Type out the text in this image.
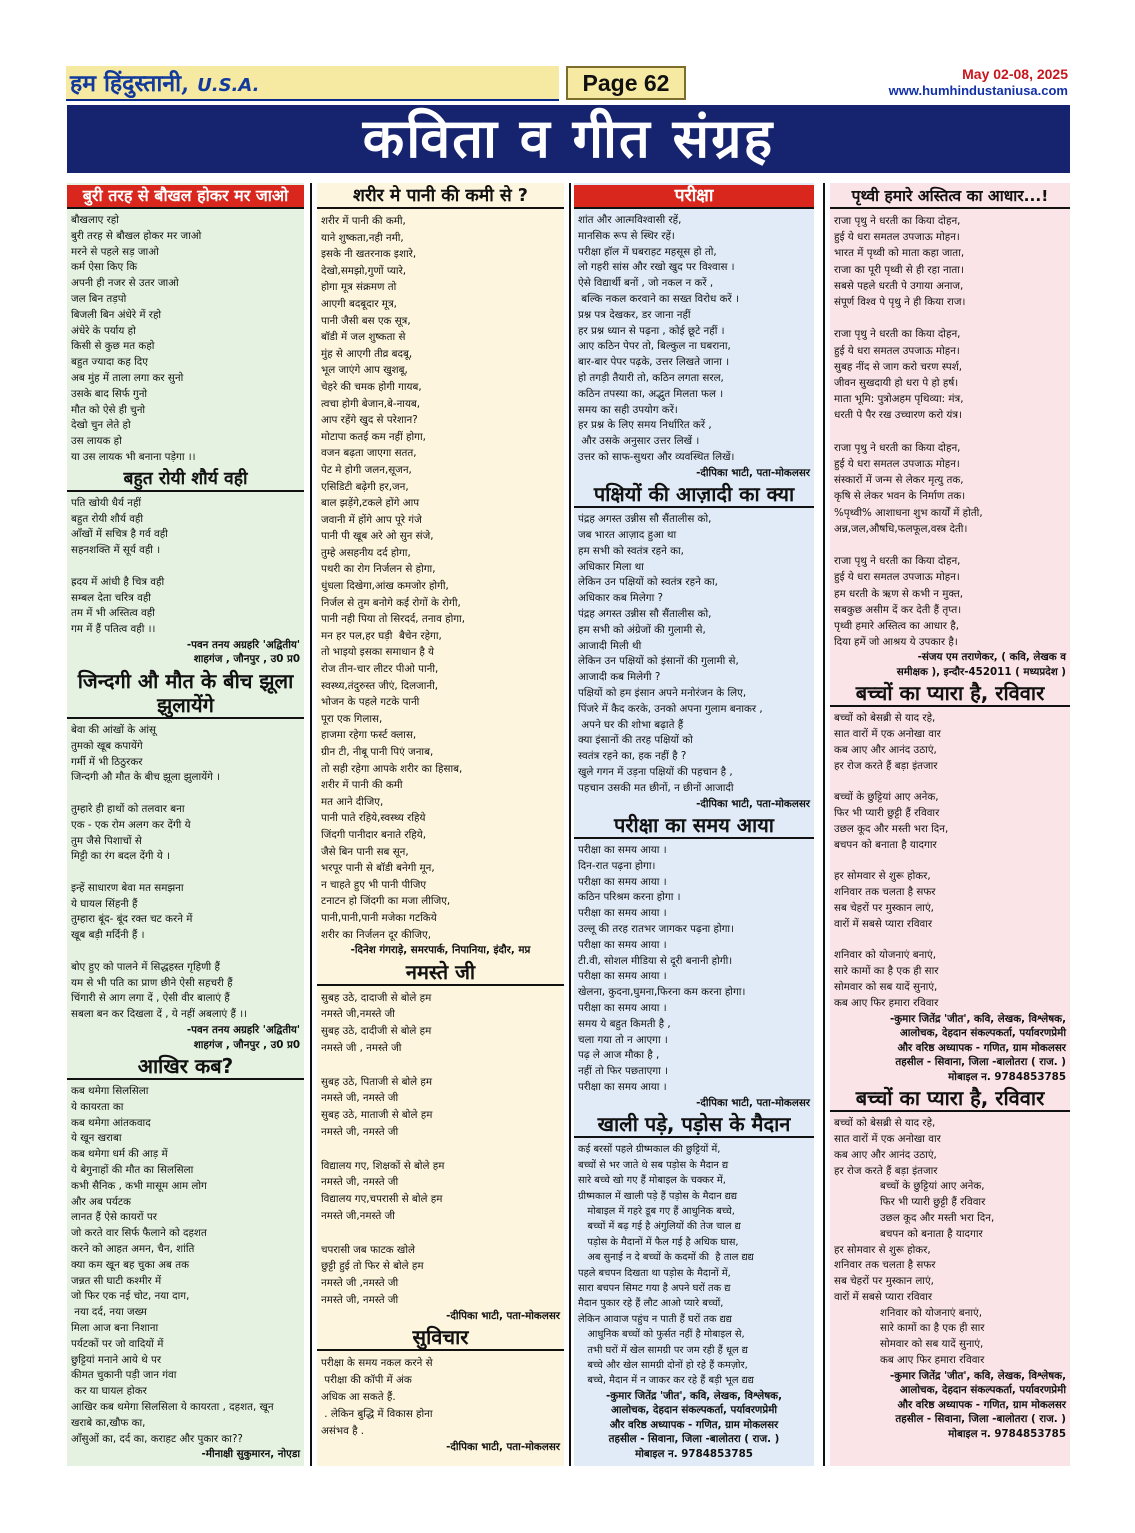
हम हिंदुस्तानी, U.S.A.	Page 62	May 02-08, 2025
www.humhindustaniusa.com
कविता व गीत संग्रह
बुरी तरह से बौखल होकर मर जाओ
बौखलाए रहो
बुरी तरह से बौखल होकर मर जाओ
मरने से पहले सड़ जाओ
कर्म ऐसा किए कि
अपनी ही नजर से उतर जाओ
जल बिन तड़पो
बिजली बिन अंधेरे में रहो
अंधेरे के पर्याय हो
किसी से कुछ मत कहो
बहुत ज्यादा कह दिए
अब मुंह में ताला लगा कर सुनो
उसके बाद सिर्फ गुनो
मौत को ऐसे ही चुनो
देखो चुन लेते हो
उस लायक हो
या उस लायक भी बनाना पड़ेगा ।।
बहुत रोयी शौर्य वही
पति खोयी धैर्य नहीं
बहुत रोयी शौर्य वही
आँखों में सचित्र है गर्व वही
सहनशक्ति में सूर्य वही ।

ह्रदय में आंधी है चित्र वही
सम्बल देता चरित्र वही
तम में भी अस्तित्व वही
गम में हैं पतित्व वही ।।
-पवन तनय अग्रहरि 'अद्वितीय'
शाहगंज , जौनपुर , उ0 प्र0
जिन्दगी औ मौत के बीच झूला झुलायेंगे
बेवा की आंखों के आंसू
तुमको खूब कपायेंगे
गर्मी में भी ठिठुरकर
जिन्दगी औ मौत के बीच झूला झुलायेंगे ।

तुम्हारे ही हाथों को तलवार बना
एक - एक रोम अलग कर देंगी ये
तुम जैसे पिशाचों से
मिट्टी का रंग बदल देंगी ये ।

इन्हें साधारण बेवा मत समझना
ये घायल सिंहनी हैं
तुम्हारा बूंद- बूंद रक्त चट करने में
खूब बड़ी मर्दिनी हैं ।

बोए हुए को पालने में सिद्धहस्त गृहिणी हैं
यम से भी पति का प्राण छीने ऐसी सहचरी हैं
चिंगारी से आग लगा दें , ऐसी वीर बालाएं हैं
सबला बन कर दिखला दें , ये नहीं अबलाएं हैं ।।
-पवन तनय अग्रहरि 'अद्वितीय'
शाहगंज , जौनपुर , उ0 प्र0
आखिर कब?
कब थमेगा सिलसिला
ये कायरता का
कब थमेगा आंतकवाद
ये खून खराबा
कब थमेगा धर्म की आड़ में
ये बेगुनाहों की मौत का सिलसिला
कभी सैनिक , कभी मासूम आम लोग
और अब पर्यटक
लानत हैं ऐसे कायरों पर
जो करते वार सिर्फ फैलाने को दहशत
करने को आहत अमन, चैन, शांति
क्या कम खून बह चुका अब तक
जन्नत सी घाटी कश्मीर में
जो फिर एक नई चोट, नया दाग,
नया दर्द, नया जख्म
मिला आज बना निशाना
पर्यटकों पर जो वादियों में
छुट्टियां मनाने आये थे पर
कीमत चुकानी पड़ी जान गंवा
कर या घायल होकर
आखिर कब थमेगा सिलसिला ये कायरता , दहशत, खून
खराबे का,खौफ का,
आँसुओं का, दर्द का, कराहट और पुकार का??
-मीनाक्षी सुकुमारन, नोएडा
शरीर मे पानी की कमी से ?
शरीर में पानी की कमी,
याने शुष्कता,नही नमी,
इसके नी खतरनाक इशारे,
देखो,समझो,गुणों प्यारे,
होगा मूत्र संक्रमण तो
आएगी बदबूदार मूत्र,
पानी जैसी बस एक सूत्र,
बॉडी में जल शुष्कता से
मुंह से आएगी तीव्र बदबू,
भूल जाएंगे आप खुशबू,
चेहरे की चमक होगी गायब,
त्वचा होगी बेजान,बे-नायब,
आप रहेंगे खुद से परेशान?
मोटापा कतई कम नहीं होगा,
वजन बढ़ता जाएगा सतत,
पेट मे होगी जलन,सूजन,
एसिडिटी बढ़ेगी हर,जन,
बाल झड़ेंगे,टकले होंगे आप
जवानी में होंगे आप पूरे गंजे
पानी पी खूब अरे ओ सुन संजे,
तुम्हे असहनीय दर्द होगा,
पथरी का रोग निर्जलन से होगा,
धुंधला दिखेगा,आंख कमजोर होगी,
निर्जल से तुम बनोगे कई रोगों के रोगी,
पानी नही पिया तो सिरदर्द, तनाव होगा,
मन हर पल,हर घड़ी  बैचेन रहेगा,
तो भाइयो इसका समाधान है ये
रोज तीन-चार लीटर पीओ पानी,
स्वस्थ्य,तंदुरुस्त जीएं, दिलजानी,
भोजन के पहले गटके पानी
पूरा एक गिलास,
हाजमा रहेगा फर्स्ट क्लास,
ग्रीन टी, नीबू पानी पिएं जनाब,
तो सही रहेगा आपके शरीर का हिसाब,
शरीर में पानी की कमी
मत आने दीजिए,
पानी पाते रहिये,स्वस्थ्य रहिये
जिंदगी पानीदार बनाते रहिये,
जैसे बिन पानी सब सून,
भरपूर पानी से बॉडी बनेगी मून,
न चाहते हुए भी पानी पीजिए
टनाटन हो जिंदगी का मजा लीजिए,
पानी,पानी,पानी मजेका गटकिये
शरीर का निर्जलन दूर कीजिए,
-दिनेश गंगराड़े, समरपार्क, निपानिया, इंदौर, मप्र
नमस्ते जी
सुबह उठे, दादाजी से बोले हम
नमस्ते जी,नमस्ते जी
सुबह उठे, दादीजी से बोले हम
नमस्ते जी , नमस्ते जी

सुबह उठे, पिताजी से बोले हम
नमस्ते जी, नमस्ते जी
सुबह उठे, माताजी से बोले हम
नमस्ते जी, नमस्ते जी

विद्यालय गए, शिक्षकों से बोले हम
नमस्ते जी, नमस्ते जी
विद्यालय गए,चपरासी से बोले हम
नमस्ते जी,नमस्ते जी

चपरासी जब फाटक खोले
छुट्टी हुई तो फिर से बोले हम
नमस्ते जी ,नमस्ते जी
नमस्ते जी, नमस्ते जी
-दीपिका भाटी, पता-मोकलसर
सुविचार
परीक्षा के समय नकल करने से
परीक्षा की कॉपी में अंक
अधिक आ सकते हैं.
. लेकिन बुद्धि में विकास होना
असंभव है .
-दीपिका भाटी, पता-मोकलसर
परीक्षा
शांत और आत्मविश्वासी रहें,
मानसिक रूप से स्थिर रहें।
परीक्षा हॉल में घबराहट महसूस हो तो,
लो गहरी सांस और रखो खुद पर विश्वास ।
ऐसे विद्यार्थी बनों , जो नकल न करें ,
बल्कि नकल करवाने का सख्त विरोध करें ।
प्रश्न पत्र देखकर, डर जाना नहीं
हर प्रश्न ध्यान से पढ़ना , कोई छूटे नहीं ।
आए कठिन पेपर तो, बिल्कुल ना घबराना,
बार-बार पेपर पढ़के, उत्तर लिखते जाना ।
हो तगड़ी तैयारी तो, कठिन लगता सरल,
कठिन तपस्या का, अद्भुत मिलता फल ।
समय का सही उपयोग करें।
हर प्रश्न के लिए समय निर्धारित करें ,
और उसके अनुसार उत्तर लिखें ।
उत्तर को साफ-सुथरा और व्यवस्थित लिखें।
-दीपिका भाटी, पता-मोकलसर
पक्षियों की आज़ादी का क्या
पंद्रह अगस्त उन्नीस सौ सैंतालीस को,
जब भारत आज़ाद हुआ था
हम सभी को स्वतंत्र रहने का,
अधिकार मिला था
लेकिन उन पक्षियों को स्वतंत्र रहने का,
अधिकार कब मिलेगा ?
पंद्रह अगस्त उन्नीस सौ सैंतालीस को,
हम सभी को अंग्रेजों की गुलामी से,
आजादी मिली थी
लेकिन उन पक्षियों को इंसानों की गुलामी से,
आजादी कब मिलेगी ?
पक्षियों को हम इंसान अपने मनोरंजन के लिए,
पिंजरे में कैद करके, उनको अपना गुलाम बनाकर ,
अपने घर की शोभा बढ़ाते हैं
क्या इंसानों की तरह पक्षियों को
स्वतंत्र रहने का, हक नहीं है ?
खुले गगन में उड़ना पक्षियों की पहचान है ,
पहचान उसकी मत छीनों, न छीनों आजादी
-दीपिका भाटी, पता-मोकलसर
परीक्षा का समय आया
परीक्षा का समय आया ।
दिन-रात पढ़ना होगा।
परीक्षा का समय आया ।
कठिन परिश्रम करना होगा ।
परीक्षा का समय आया ।
उल्लू की तरह रातभर जागकर पढ़ना होगा।
परीक्षा का समय आया ।
टी.वी, सोशल मीडिया से दूरी बनानी होगी।
परीक्षा का समय आया ।
खेलना, कुदना,घुमना,फिरना कम करना होगा।
परीक्षा का समय आया ।
समय ये बहुत किमती है ,
चला गया तो न आएगा ।
पढ़ ले आज मौका है ,
नहीं तो फिर पछताएगा ।
परीक्षा का समय आया ।
-दीपिका भाटी, पता-मोकलसर
खाली पड़े, पड़ोस के मैदान
कई बरसों पहले ग्रीष्मकाल की छुट्टियों में,
बच्चों से भर जाते थे सब पड़ोस के मैदान द्य
सारे बच्चे खो गए हैं मोबाइल के चक्कर में,
ग्रीष्मकाल में खाली पड़े हैं पड़ोस के मैदान द्यद्य
मोबाइल में गहरे डूब गए हैं आधुनिक बच्चे,
बच्चों में बढ़ गई है अंगुलियों की तेज चाल द्य
पड़ोस के मैदानों में फैल गई है अधिक घास,
अब सुनाई न दे बच्चों के कदमों की  है ताल द्यद्य
पहले बचपन दिखता था पड़ोस के मैदानों में,
सारा बचपन सिमट गया है अपने घरों तक द्य
मैदान पुकार रहे हैं लौट आओ प्यारे बच्चों,
लेकिन आवाज पहुंच न पाती हैं घरों तक द्यद्य
आधुनिक बच्चों को फुर्सत नहीं है मोबाइल से,
तभी घरों में खेल सामग्री पर जम रही हैं धूल द्य
बच्चे और खेल सामग्री दोनों हो रहे हैं कमज़ोर,
बच्चे, मैदान में न जाकर कर रहे हैं बड़ी भूल द्यद्य
-कुमार जितेंद्र 'जीत', कवि, लेखक, विश्लेषक,
आलोचक, देहदान संकल्पकर्ता, पर्यावरणप्रेमी
और वरिष्ठ अध्यापक - गणित, ग्राम मोकलसर
तहसील - सिवाना, जिला -बालोतरा ( राज. )
मोबाइल न. 9784853785
पृथ्वी हमारे अस्तित्व का आधार...!
राजा पृथु ने धरती का किया दोहन,
हुई ये धरा समतल उपजाऊ मोहन।
भारत में पृथ्वी को माता कहा जाता,
राजा का पूरी पृथ्वी से ही रहा नाता।
सबसे पहले धरती पे उगाया अनाज,
संपूर्ण विश्व पे पृथु ने ही किया राज।

राजा पृथु ने धरती का किया दोहन,
हुई ये धरा समतल उपजाऊ मोहन।
सुबह नींद से जाग करो चरण स्पर्श,
जीवन सुखदायी हो धरा पे हो हर्ष।
माता भूमि: पुत्रोअहम पृथिव्या: मंत्र,
धरती पे पैर रख उच्चारण करो यंत्र।

राजा पृथु ने धरती का किया दोहन,
हुई ये धरा समतल उपजाऊ मोहन।
संस्कारों में जन्म से लेकर मृत्यु तक,
कृषि से लेकर भवन के निर्माण तक।
%पृथ्वी% आशाधना शुभ कार्यों में होती,
अन्न,जल,औषधि,फलफूल,वस्त्र देती।

राजा पृथु ने धरती का किया दोहन,
हुई ये धरा समतल उपजाऊ मोहन।
हम धरती के ऋण से कभी न मुक्त,
सबकुछ असीम दें कर देती हैं तृप्त।
पृथ्वी हमारे अस्तित्व का आधार है,
दिया हमें जो आश्रय ये उपकार है।
-संजय एम तराणेकर, ( कवि, लेखक व
समीक्षक ), इन्दौर-452011 ( मध्यप्रदेश )
बच्चों का प्यारा है, रविवार
बच्चों को बेसब्री से याद रहे,
सात वारों में एक अनोखा वार
कब आए और आनंद उठाएं,
हर रोज करते हैं बड़ा इंतजार

बच्चों के छुट्टियां आए अनेक,
फिर भी प्यारी छुट्टी हैं रविवार
उछल कूद और मस्ती भरा दिन,
बचपन को बनाता है यादगार

हर सोमवार से शुरू होकर,
शनिवार तक चलता है सफर
सब चेहरों पर मुस्कान लाएं,
वारों में सबसे प्यारा रविवार

शनिवार को योजनाएं बनाएं,
सारे कामों का है एक ही सार
सोमवार को सब यादें सुनाएं,
कब आए फिर हमारा रविवार
-कुमार जितेंद्र 'जीत', कवि, लेखक, विश्लेषक,
आलोचक, देहदान संकल्पकर्ता, पर्यावरणप्रेमी
और वरिष्ठ अध्यापक - गणित, ग्राम मोकलसर
तहसील - सिवाना, जिला -बालोतरा ( राज. )
मोबाइल न. 9784853785
बच्चों का प्यारा है, रविवार
बच्चों को बेसब्री से याद रहे,
सात वारों में एक अनोखा वार
कब आए और आनंद उठाएं,
हर रोज करते हैं बड़ा इंतजार
बच्चों के छुट्टियां आए अनेक,
फिर भी प्यारी छुट्टी हैं रविवार
उछल कूद और मस्ती भरा दिन,
बचपन को बनाता है यादगार
हर सोमवार से शुरू होकर,
शनिवार तक चलता है सफर
सब चेहरों पर मुस्कान लाएं,
वारों में सबसे प्यारा रविवार
शनिवार को योजनाएं बनाएं,
सारे कामों का है एक ही सार
सोमवार को सब यादें सुनाएं,
कब आए फिर हमारा रविवार
-कुमार जितेंद्र 'जीत', कवि, लेखक, विश्लेषक,
आलोचक, देहदान संकल्पकर्ता, पर्यावरणप्रेमी
और वरिष्ठ अध्यापक - गणित, ग्राम मोकलसर
तहसील - सिवाना, जिला -बालोतरा ( राज. )
मोबाइल न. 9784853785
